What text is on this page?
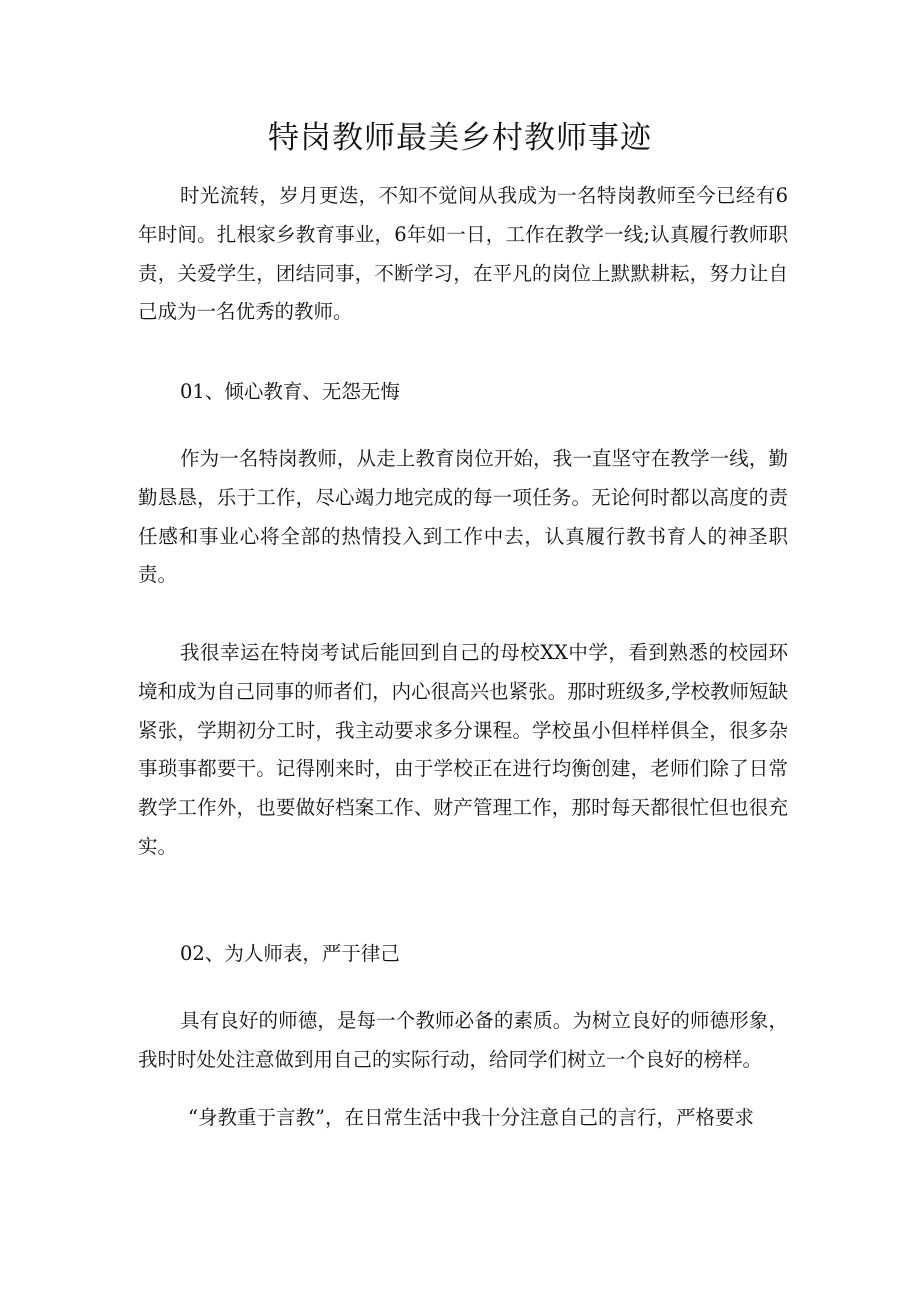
特岗教师最美乡村教师事迹

时光流转，岁月更迭，不知不觉间从我成为一名特岗教师至今已经有6年时间。扎根家乡教育事业，6年如一日，工作在教学一线;认真履行教师职责，关爱学生，团结同事，不断学习，在平凡的岗位上默默耕耘，努力让自己成为一名优秀的教师。

01、倾心教育、无怨无悔

作为一名特岗教师，从走上教育岗位开始，我一直坚守在教学一线，勤勤恳恳，乐于工作，尽心竭力地完成的每一项任务。无论何时都以高度的责任感和事业心将全部的热情投入到工作中去，认真履行教书育人的神圣职责。

我很幸运在特岗考试后能回到自己的母校XX中学，看到熟悉的校园环境和成为自己同事的师者们，内心很高兴也紧张。那时班级多,学校教师短缺紧张，学期初分工时，我主动要求多分课程。学校虽小但样样俱全，很多杂事琐事都要干。记得刚来时，由于学校正在进行均衡创建，老师们除了日常教学工作外，也要做好档案工作、财产管理工作，那时每天都很忙但也很充实。

02、为人师表，严于律己

具有良好的师德，是每一个教师必备的素质。为树立良好的师德形象，我时时处处注意做到用自己的实际行动，给同学们树立一个良好的榜样。

“身教重于言教”，在日常生活中我十分注意自己的言行，严格要求
